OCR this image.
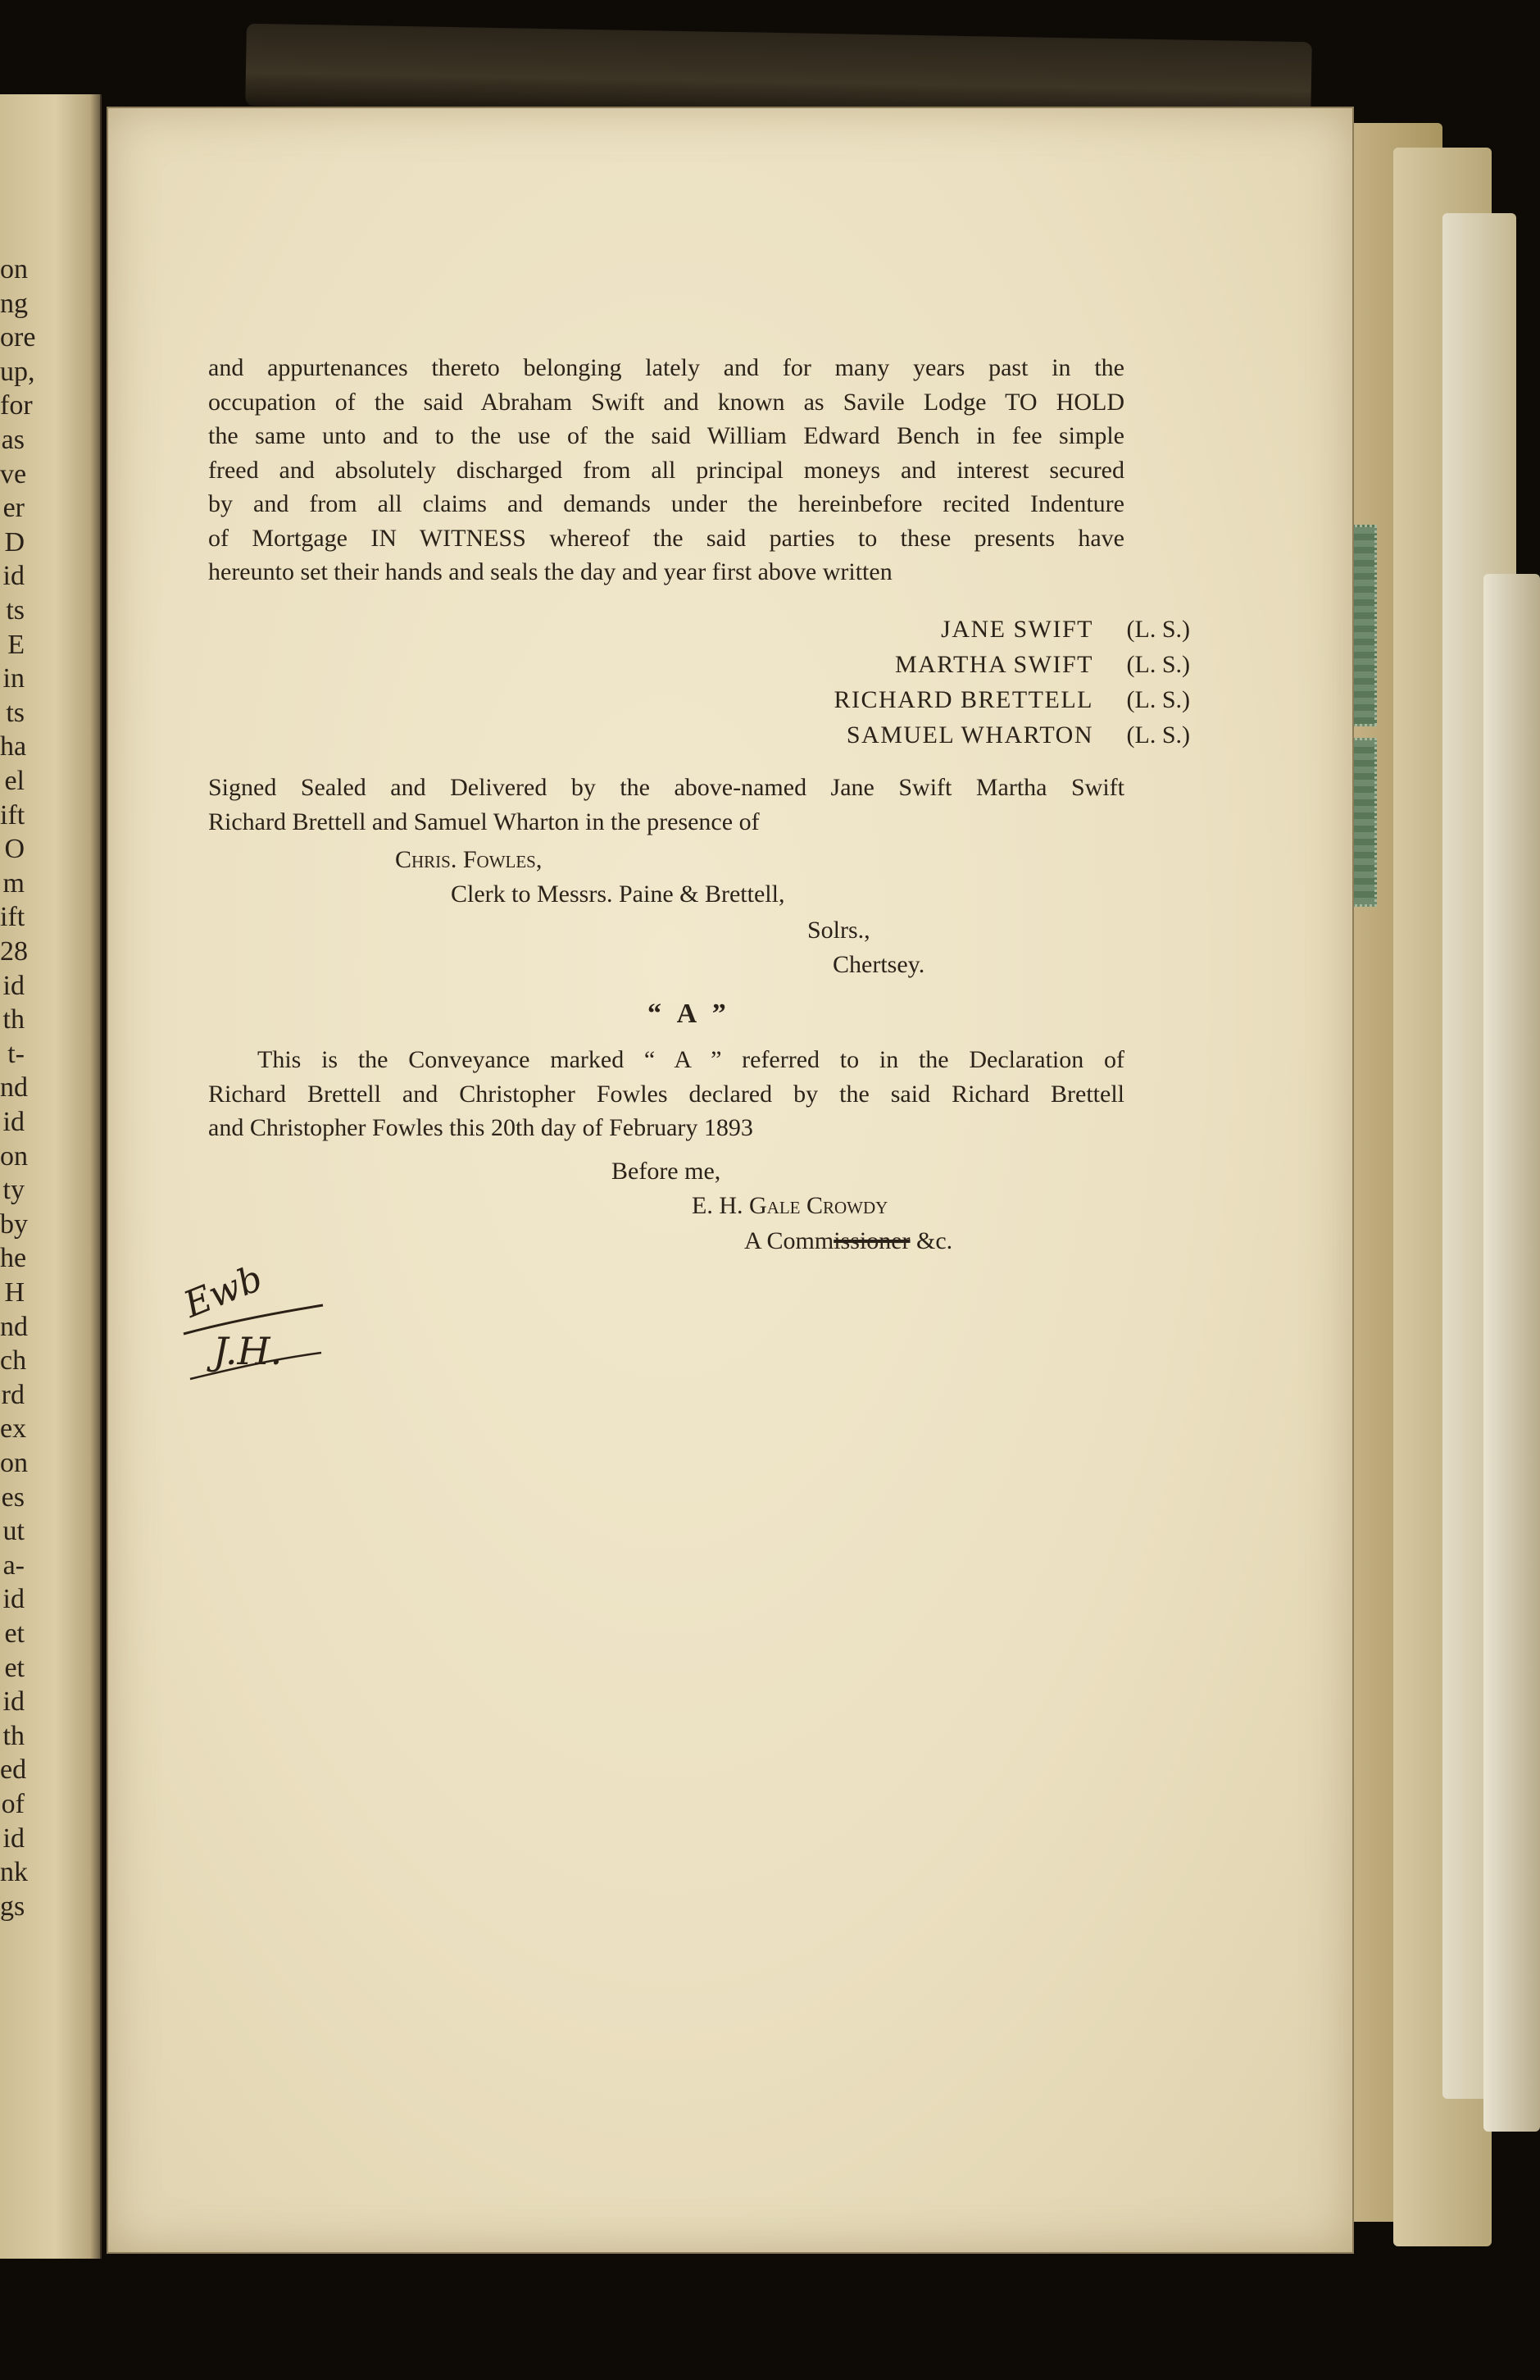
on
ng
ore
up,
for
as
ve
er
D
id
ts
E
in
ts
ha
el
ift
O
m
ift
28
id
th
t-
nd
id
on
ty
by
he
H
nd
ch
rd
ex
on
es
ut
a-
id
et
et
id
th
ed
of
id
nk
gs
and appurtenances thereto belonging lately and for many years past in the
occupation of the said Abraham Swift and known as Savile Lodge TO HOLD
the same unto and to the use of the said William Edward Bench in fee simple
freed and absolutely discharged from all principal moneys and interest secured
by and from all claims and demands under the hereinbefore recited Indenture
of Mortgage IN WITNESS whereof the said parties to these presents have
hereunto set their hands and seals the day and year first above written
JANE SWIFT	(L. S.)
MARTHA SWIFT	(L. S.)
RICHARD BRETTELL	(L. S.)
SAMUEL WHARTON	(L. S.)
Signed Sealed and Delivered by the above-named Jane Swift Martha Swift
Richard Brettell and Samuel Wharton in the presence of
Chris. Fowles,
Clerk to Messrs. Paine & Brettell,
Solrs.,
Chertsey.
“ A ”
This is the Conveyance marked “ A ” referred to in the Declaration of
Richard Brettell and Christopher Fowles declared by the said Richard Brettell
and Christopher Fowles this 20th day of February 1893
Before me,
E. H. Gale Crowdy
A Commissioner &c.
Ewb
J.H.
